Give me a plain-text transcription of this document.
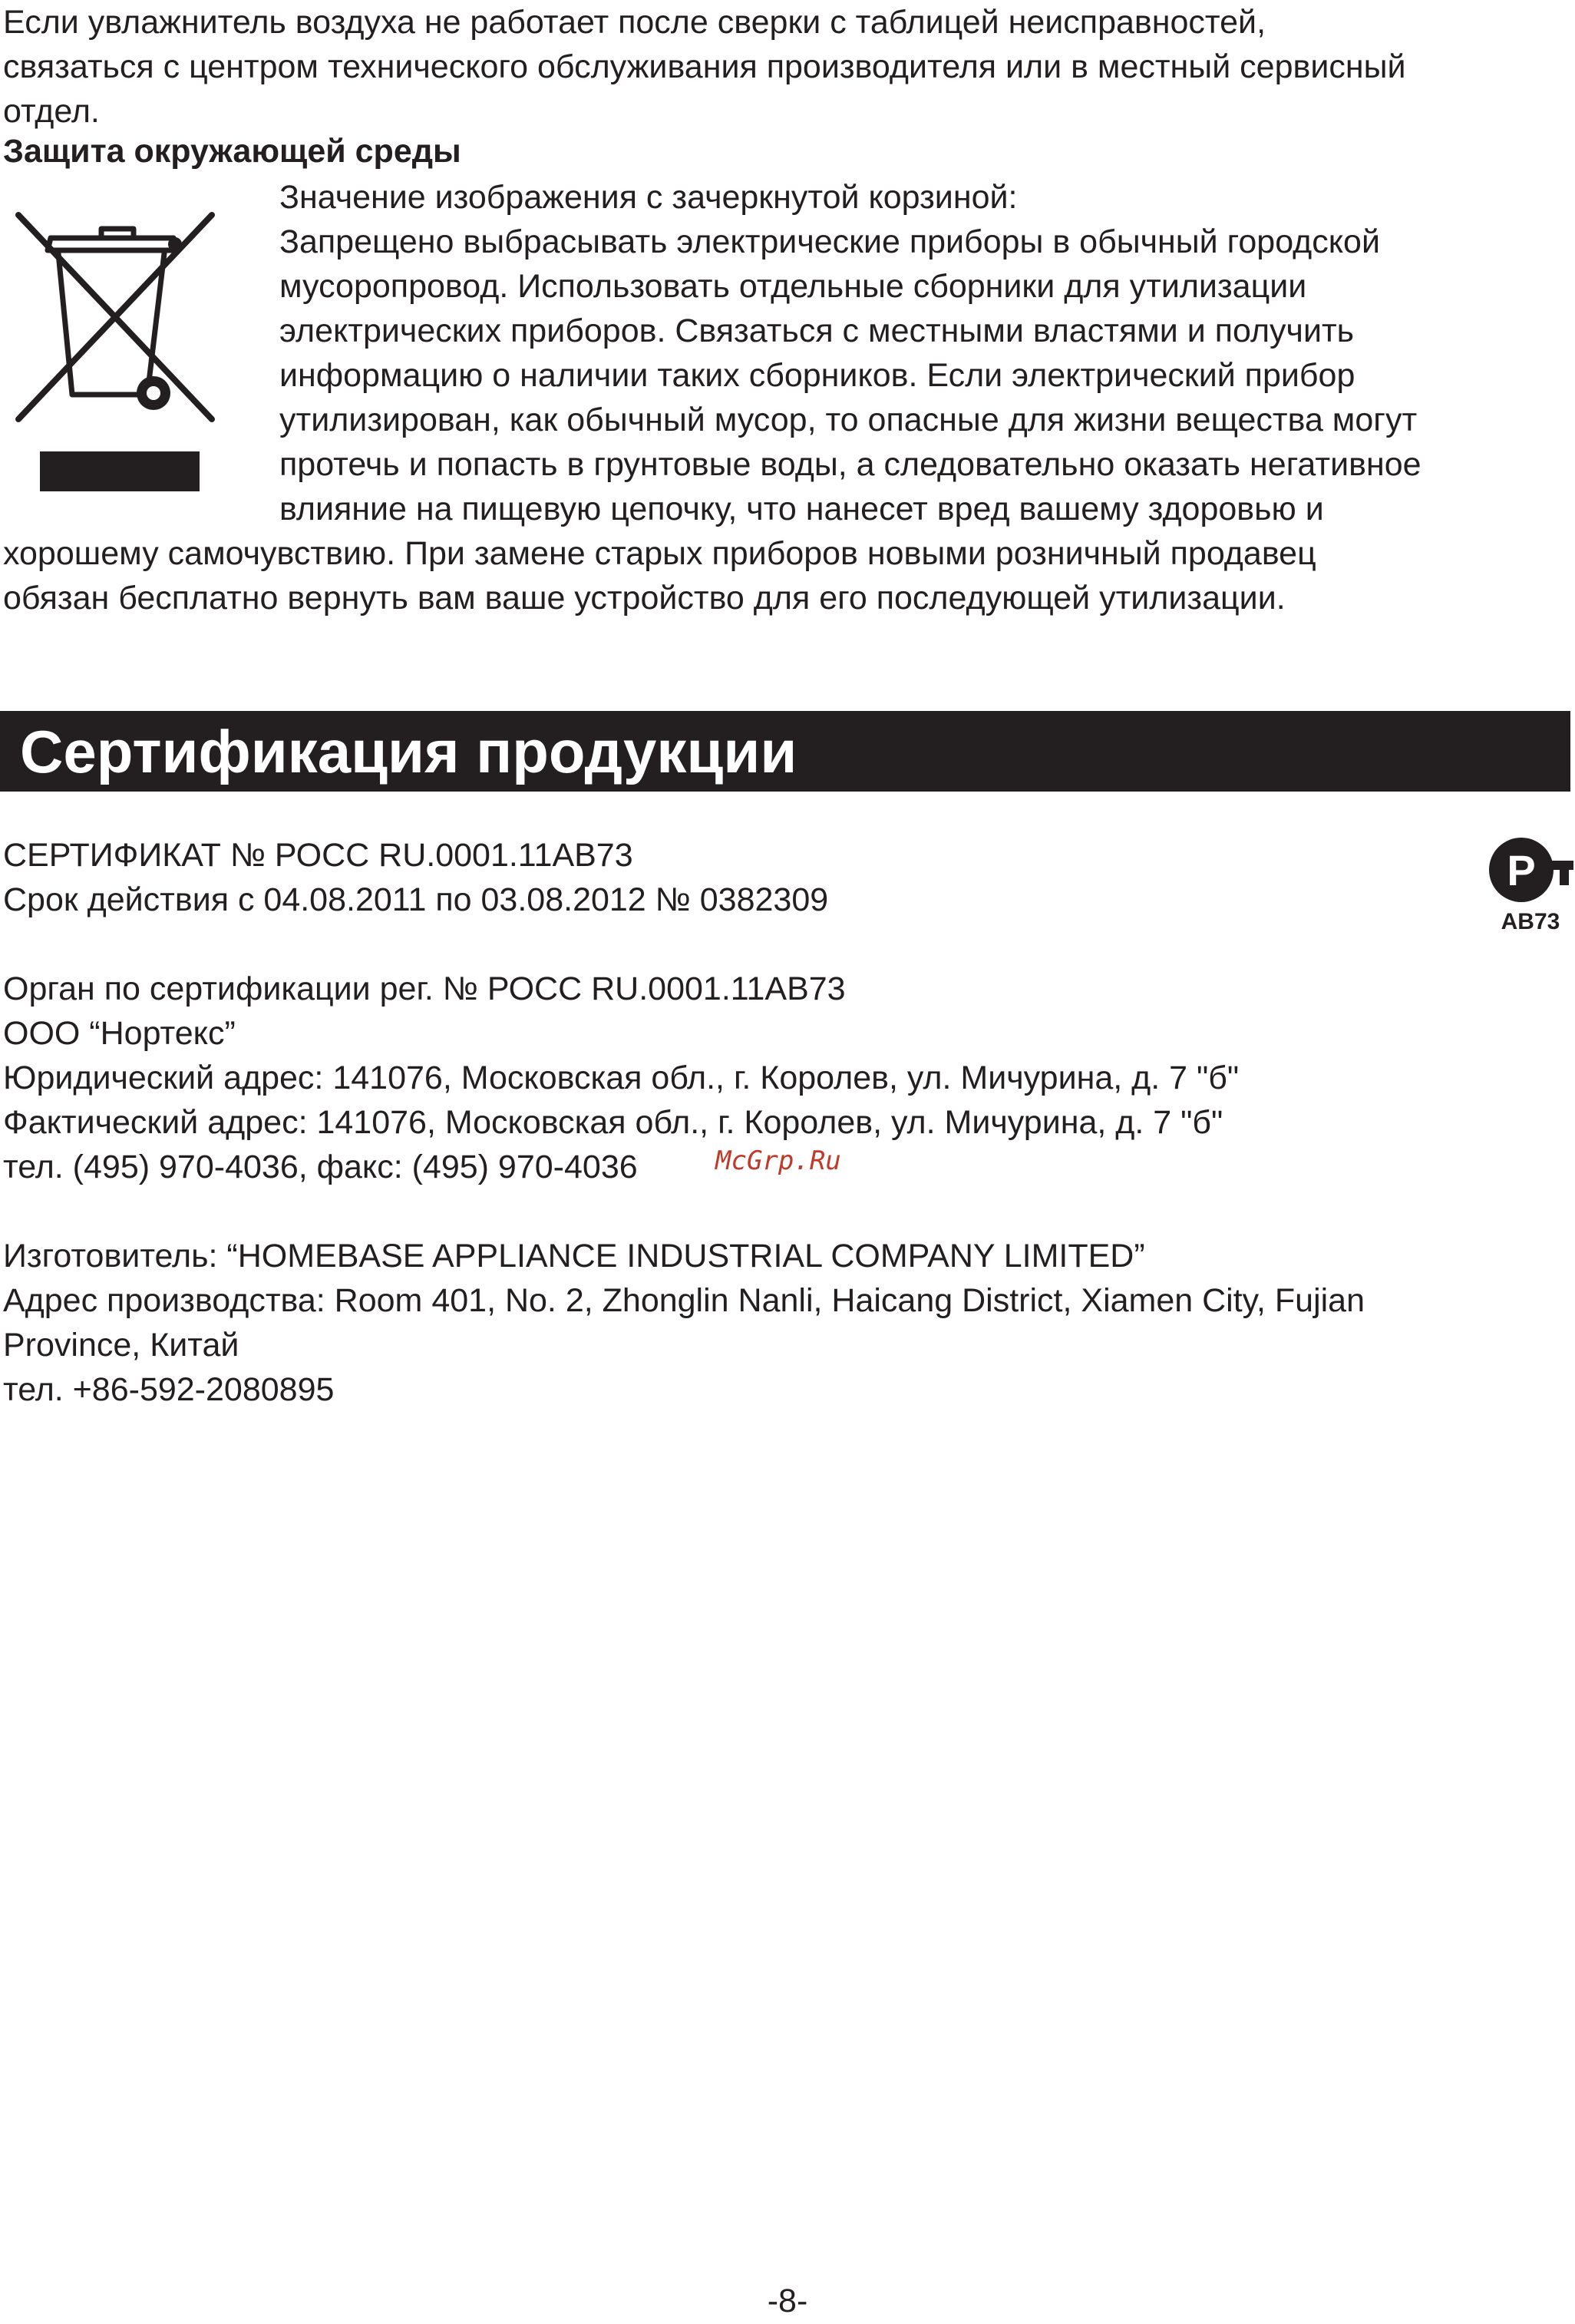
Если увлажнитель воздуха не работает после сверки с таблицей неисправностей,

связаться с центром технического обслуживания производителя или в местный сервисный

отдел.

Защита окружающей среды

Значение изображения с зачеркнутой корзиной:

Запрещено выбрасывать электрические приборы в обычный городской

мусоропровод. Использовать отдельные сборники для утилизации

электрических приборов. Связаться с местными властями и получить

информацию о наличии таких сборников. Если электрический прибор

утилизирован, как обычный мусор, то опасные для жизни вещества могут

протечь и попасть в грунтовые воды, а следовательно оказать негативное

влияние на пищевую цепочку, что нанесет вред вашему здоровью и

хорошему самочувствию. При замене старых приборов новыми розничный продавец

обязан бесплатно вернуть вам ваше устройство для его последующей утилизации.

Сертификация продукции
Р
AB73

СЕРТИФИКАТ № РОСС RU.0001.11АВ73

Срок действия с 04.08.2011 по 03.08.2012 № 0382309

Орган по сертификации рег. № РОСС RU.0001.11АВ73

ООО “Нортекс”

Юридический адрес: 141076, Московская обл., г. Королев, ул. Мичурина, д. 7 "б"

Фактический адрес: 141076, Московская обл., г. Королев, ул. Мичурина, д. 7 "б"

тел. (495) 970-4036, факс: (495) 970-4036	McGrp.Ru

Изготовитель: “HOMEBASE APPLIANCE INDUSTRIAL COMPANY LIMITED”

Адрес производства: Room 401, No. 2, Zhonglin Nanli, Haicang District, Xiamen City, Fujian

Province, Китай

тел. +86-592-2080895

-8-
